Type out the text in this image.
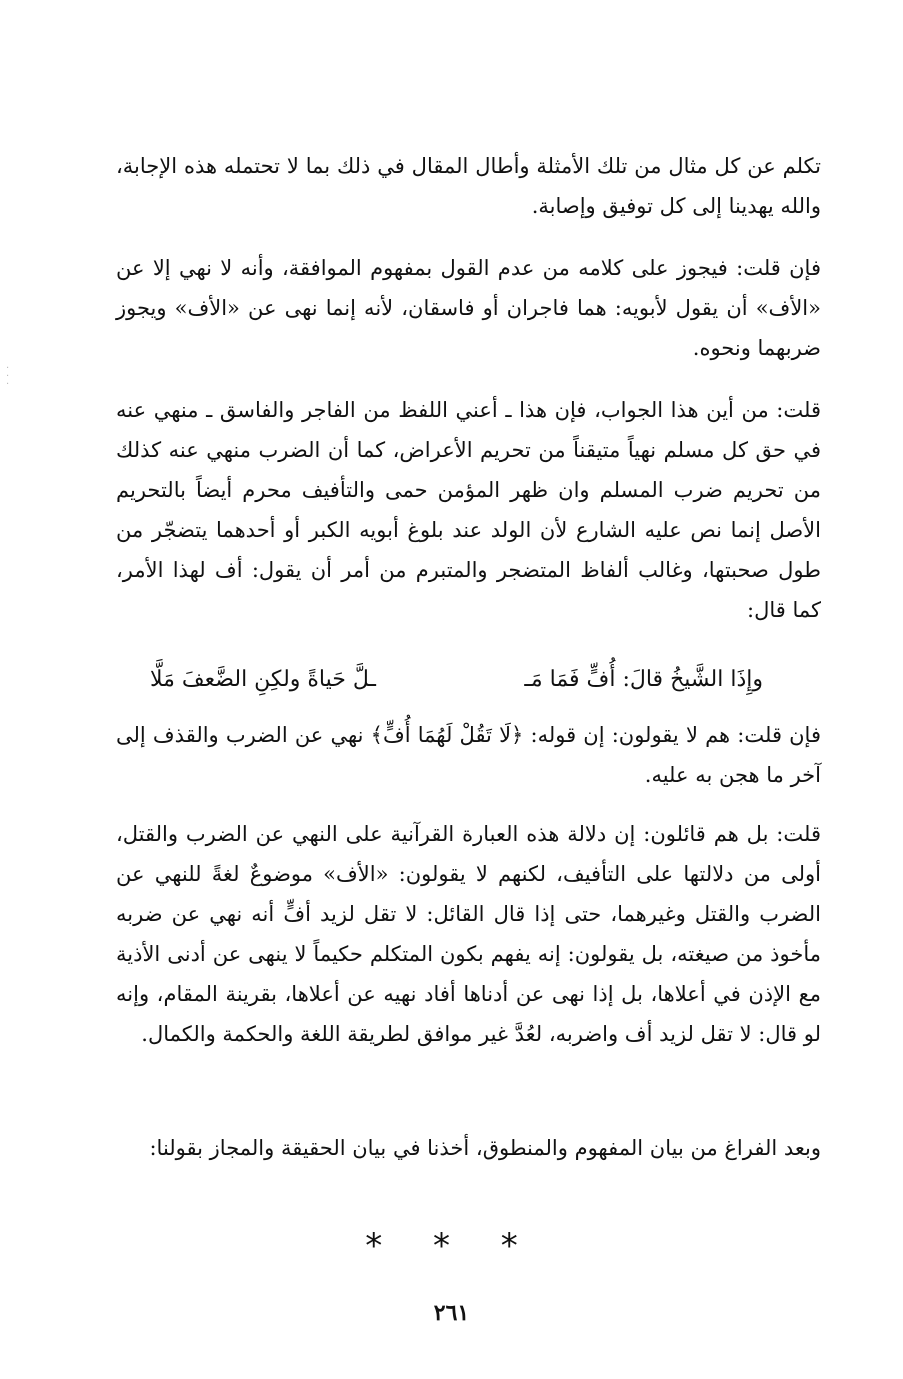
تكلم عن كل مثال من تلك الأمثلة وأطال المقال في ذلك بما لا تحتمله هذه الإجابة، والله يهدينا إلى كل توفيق وإصابة.

فإن قلت: فيجوز على كلامه من عدم القول بمفهوم الموافقة، وأنه لا نهي إلا عن «الأف» أن يقول لأبويه: هما فاجران أو فاسقان، لأنه إنما نهى عن «الأف» ويجوز ضربهما ونحوه.

قلت: من أين هذا الجواب، فإن هذا ـ أعني اللفظ من الفاجر والفاسق ـ منهي عنه في حق كل مسلم نهياً متيقناً من تحريم الأعراض، كما أن الضرب منهي عنه كذلك من تحريم ضرب المسلم وان ظهر المؤمن حمى والتأفيف محرم أيضاً بالتحريم الأصل إنما نص عليه الشارع لأن الولد عند بلوغ أبويه الكبر أو أحدهما يتضجّر من طول صحبتها، وغالب ألفاظ المتضجر والمتبرم من أمر أن يقول: أف لهذا الأمر، كما قال:

وإِذَا الشَّيخُ قالَ: أُفٍّ فَمَا مَـ
ـلَّ حَياةً ولكِنِ الضَّعفَ مَلَّا

فإن قلت: هم لا يقولون: إن قوله: ﴿لَا تَقُلْ لَهُمَا أُفٍّ﴾ نهي عن الضرب والقذف إلى آخر ما هجن به عليه.

قلت: بل هم قائلون: إن دلالة هذه العبارة القرآنية على النهي عن الضرب والقتل، أولى من دلالتها على التأفيف، لكنهم لا يقولون: «الأف» موضوعٌ لغةً للنهي عن الضرب والقتل وغيرهما، حتى إذا قال القائل: لا تقل لزيد أفٍّ أنه نهي عن ضربه مأخوذ من صيغته، بل يقولون: إنه يفهم بكون المتكلم حكيماً لا ينهى عن أدنى الأذية مع الإذن في أعلاها، بل إذا نهى عن أدناها أفاد نهيه عن أعلاها، بقرينة المقام، وإنه لو قال: لا تقل لزيد أف واضربه، لعُدَّ غير موافق لطريقة اللغة والحكمة والكمال.

وبعد الفراغ من بيان المفهوم والمنطوق، أخذنا في بيان الحقيقة والمجاز بقولنا:

* * *
٢٦١
·
·
·
